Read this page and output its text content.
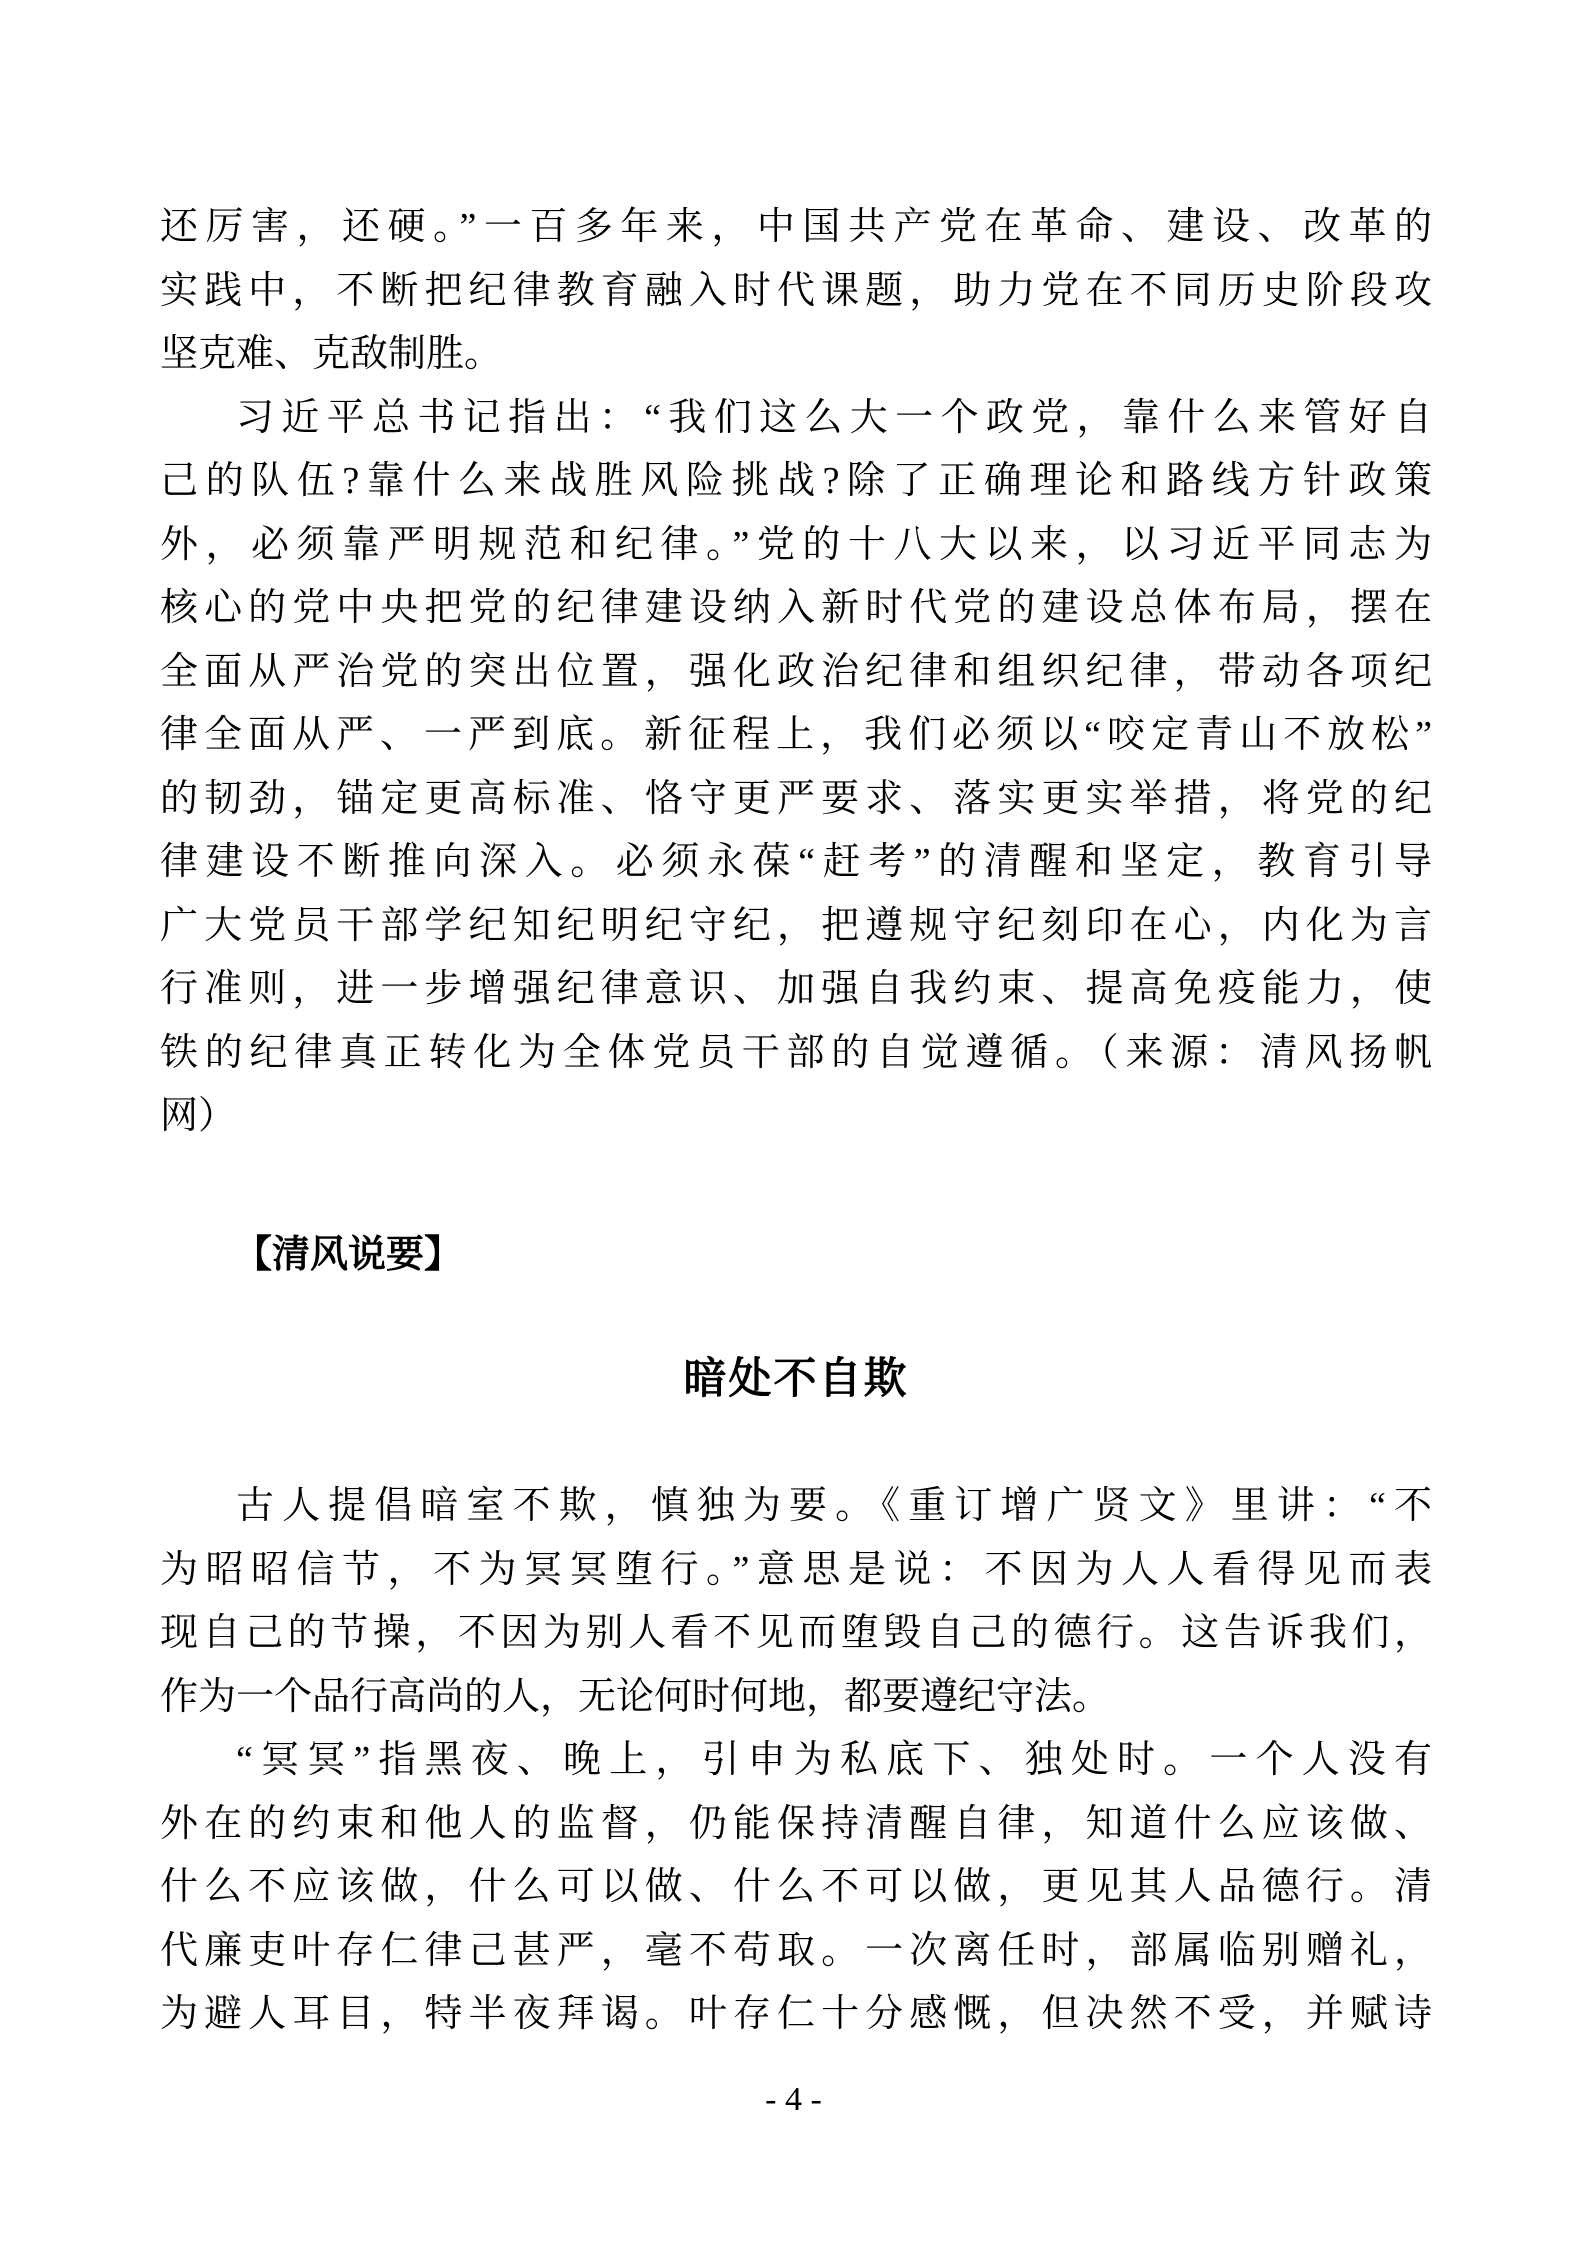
还厉害，还硬。”一百多年来，中国共产党在革命、建设、改革的
实践中，不断把纪律教育融入时代课题，助力党在不同历史阶段攻
坚克难、克敌制胜。
习近平总书记指出：“我们这么大一个政党，靠什么来管好自
己的队伍?靠什么来战胜风险挑战?除了正确理论和路线方针政策
外，必须靠严明规范和纪律。”党的十八大以来，以习近平同志为
核心的党中央把党的纪律建设纳入新时代党的建设总体布局，摆在
全面从严治党的突出位置，强化政治纪律和组织纪律，带动各项纪
律全面从严、一严到底。新征程上，我们必须以“咬定青山不放松”
的韧劲，锚定更高标准、恪守更严要求、落实更实举措，将党的纪
律建设不断推向深入。必须永葆“赶考”的清醒和坚定，教育引导
广大党员干部学纪知纪明纪守纪，把遵规守纪刻印在心，内化为言
行准则，进一步增强纪律意识、加强自我约束、提高免疫能力，使
铁的纪律真正转化为全体党员干部的自觉遵循。（来源：清风扬帆
网）
【清风说要】
暗处不自欺
古人提倡暗室不欺，慎独为要。《重订增广贤文》里讲：“不
为昭昭信节，不为冥冥堕行。”意思是说：不因为人人看得见而表
现自己的节操，不因为别人看不见而堕毁自己的德行。这告诉我们，
作为一个品行高尚的人，无论何时何地，都要遵纪守法。
“冥冥”指黑夜、晚上，引申为私底下、独处时。一个人没有
外在的约束和他人的监督，仍能保持清醒自律，知道什么应该做、
什么不应该做，什么可以做、什么不可以做，更见其人品德行。清
代廉吏叶存仁律己甚严，毫不苟取。一次离任时，部属临别赠礼，
为避人耳目，特半夜拜谒。叶存仁十分感慨，但决然不受，并赋诗
- 4 -
